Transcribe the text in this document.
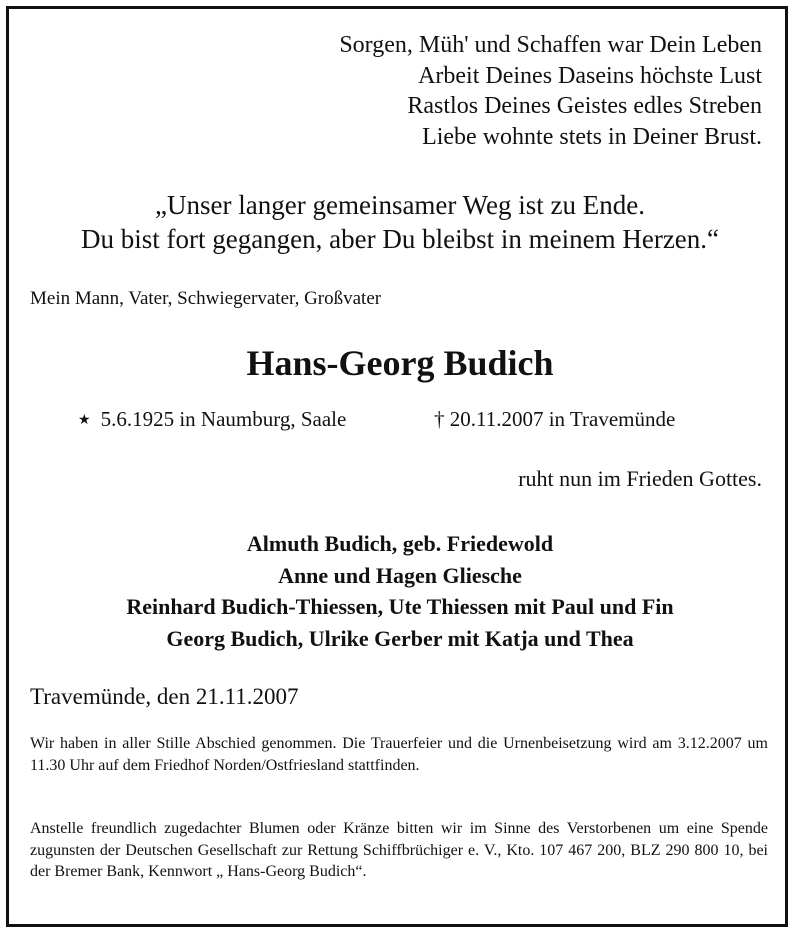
Sorgen, Müh' und Schaffen war Dein Leben
Arbeit Deines Daseins höchste Lust
Rastlos Deines Geistes edles Streben
Liebe wohnte stets in Deiner Brust.
„Unser langer gemeinsamer Weg ist zu Ende.
Du bist fort gegangen, aber Du bleibst in meinem Herzen.“
Mein Mann, Vater, Schwiegervater, Großvater
Hans-Georg Budich
★ 5.6.1925 in Naumburg, Saale	† 20.11.2007 in Travemünde
ruht nun im Frieden Gottes.
Almuth Budich, geb. Friedewold
Anne und Hagen Gliesche
Reinhard Budich-Thiessen, Ute Thiessen mit Paul und Fin
Georg Budich, Ulrike Gerber mit Katja und Thea
Travemünde, den 21.11.2007
Wir haben in aller Stille Abschied genommen. Die Trauerfeier und die Urnenbeisetzung wird am 3.12.2007 um 11.30 Uhr auf dem Friedhof Norden/Ostfriesland stattfinden.
Anstelle freundlich zugedachter Blumen oder Kränze bitten wir im Sinne des Verstorbenen um eine Spende zugunsten der Deutschen Gesellschaft zur Rettung Schiffbrüchiger e. V., Kto. 107 467 200, BLZ 290 800 10, bei der Bremer Bank, Kennwort „ Hans-Georg Budich“.
